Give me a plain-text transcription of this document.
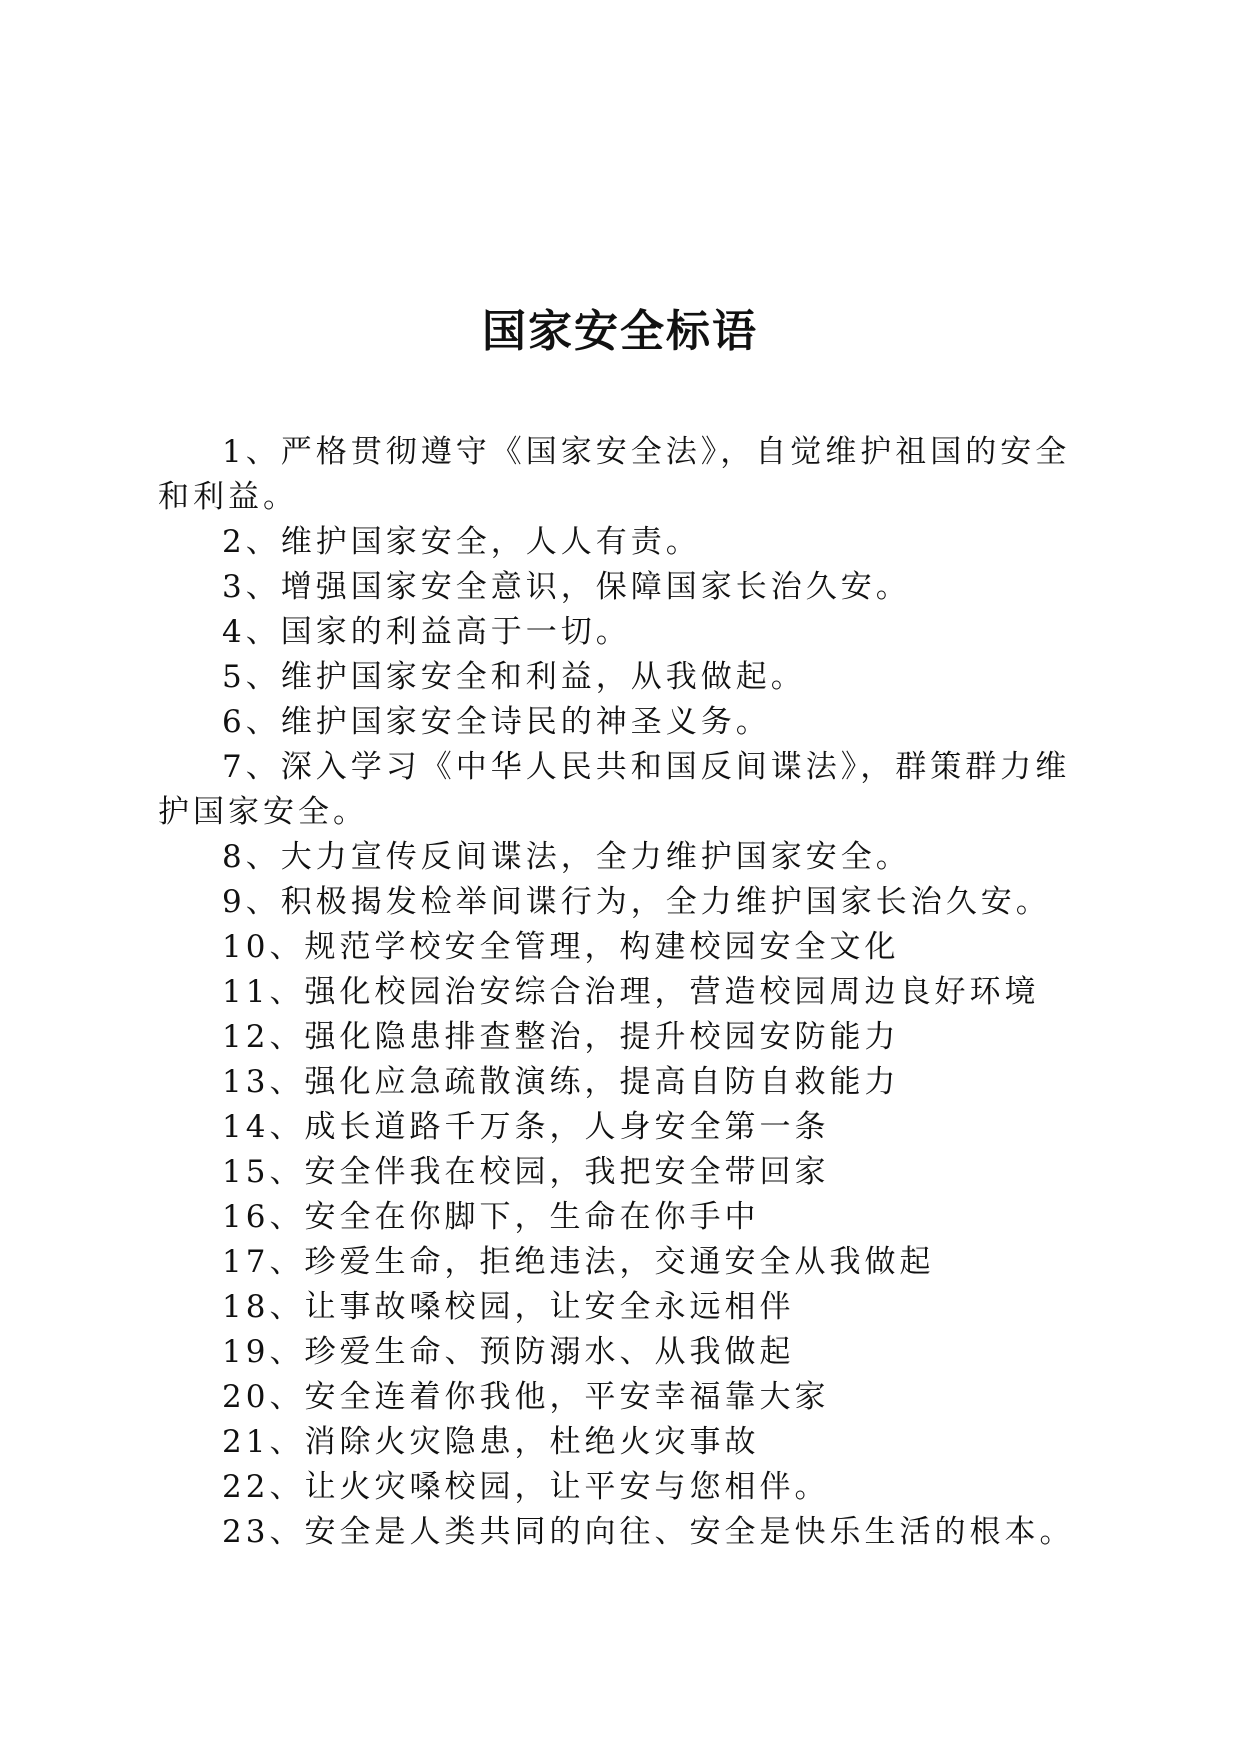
国家安全标语
1、严格贯彻遵守《国家安全法》，自觉维护祖国的安全和利益。
2、维护国家安全，人人有责。
3、增强国家安全意识，保障国家长治久安。
4、国家的利益高于一切。
5、维护国家安全和利益，从我做起。
6、维护国家安全诗民的神圣义务。
7、深入学习《中华人民共和国反间谍法》，群策群力维护国家安全。
8、大力宣传反间谍法，全力维护国家安全。
9、积极揭发检举间谍行为，全力维护国家长治久安。
10、规范学校安全管理，构建校园安全文化
11、强化校园治安综合治理，营造校园周边良好环境
12、强化隐患排查整治，提升校园安防能力
13、强化应急疏散演练，提高自防自救能力
14、成长道路千万条，人身安全第一条
15、安全伴我在校园，我把安全带回家
16、安全在你脚下，生命在你手中
17、珍爱生命，拒绝违法，交通安全从我做起
18、让事故嗓校园，让安全永远相伴
19、珍爱生命、预防溺水、从我做起
20、安全连着你我他，平安幸福靠大家
21、消除火灾隐患，杜绝火灾事故
22、让火灾嗓校园，让平安与您相伴。
23、安全是人类共同的向往、安全是快乐生活的根本。
